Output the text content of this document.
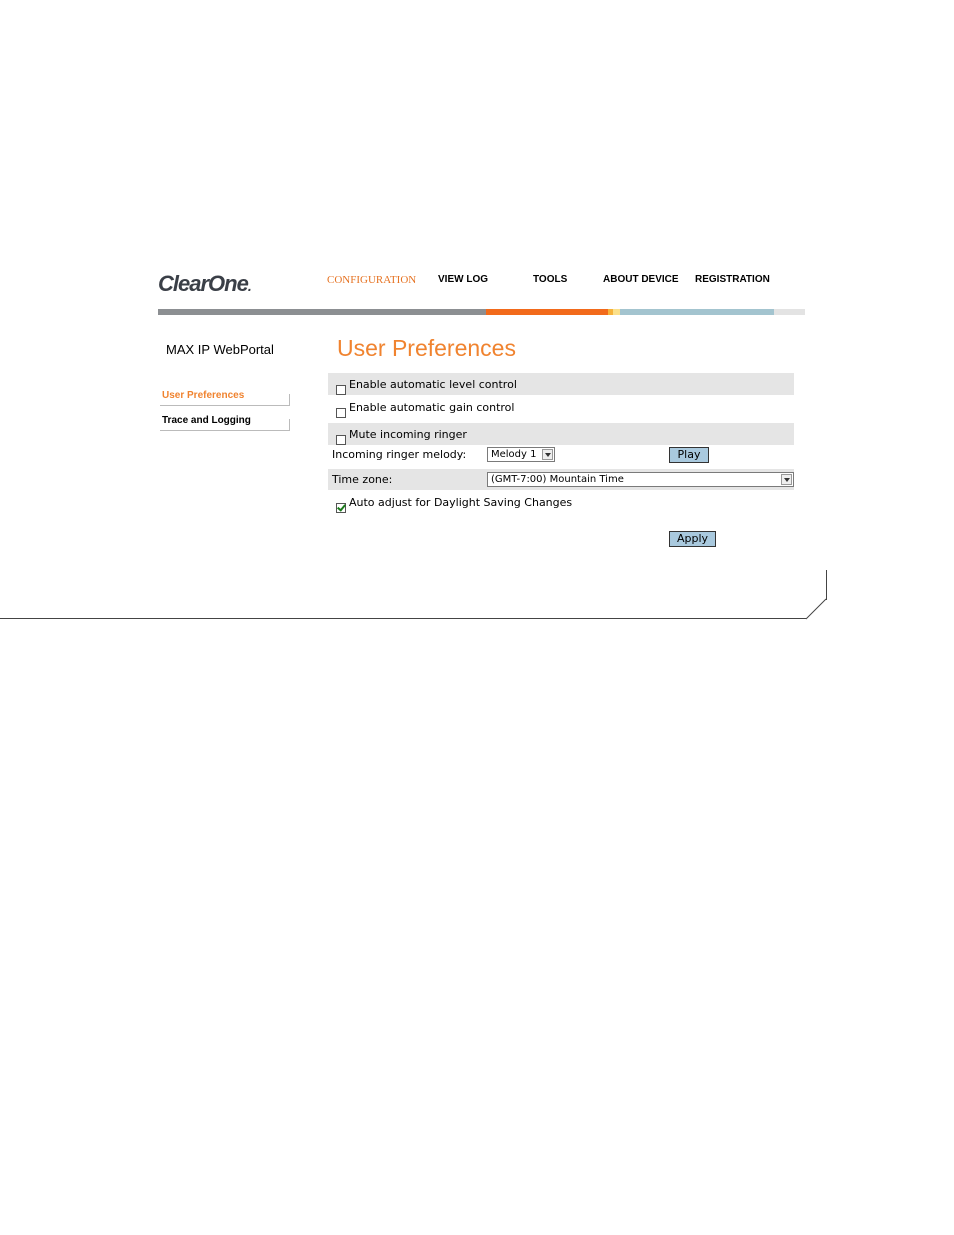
ClearOne.	CONFIGURATION VIEW LOG	TOOLS	ABOUT DEVICE REGISTRATION
MAX IP WebPortal
User Preferences
Trace and Logging
User Preferences
Enable automatic level control
Enable automatic gain control
Mute incoming ringer
Incoming ringer melody:	Melody 1	Play
Time zone:	(GMT-7:00) Mountain Time
Auto adjust for Daylight Saving Changes
Apply
